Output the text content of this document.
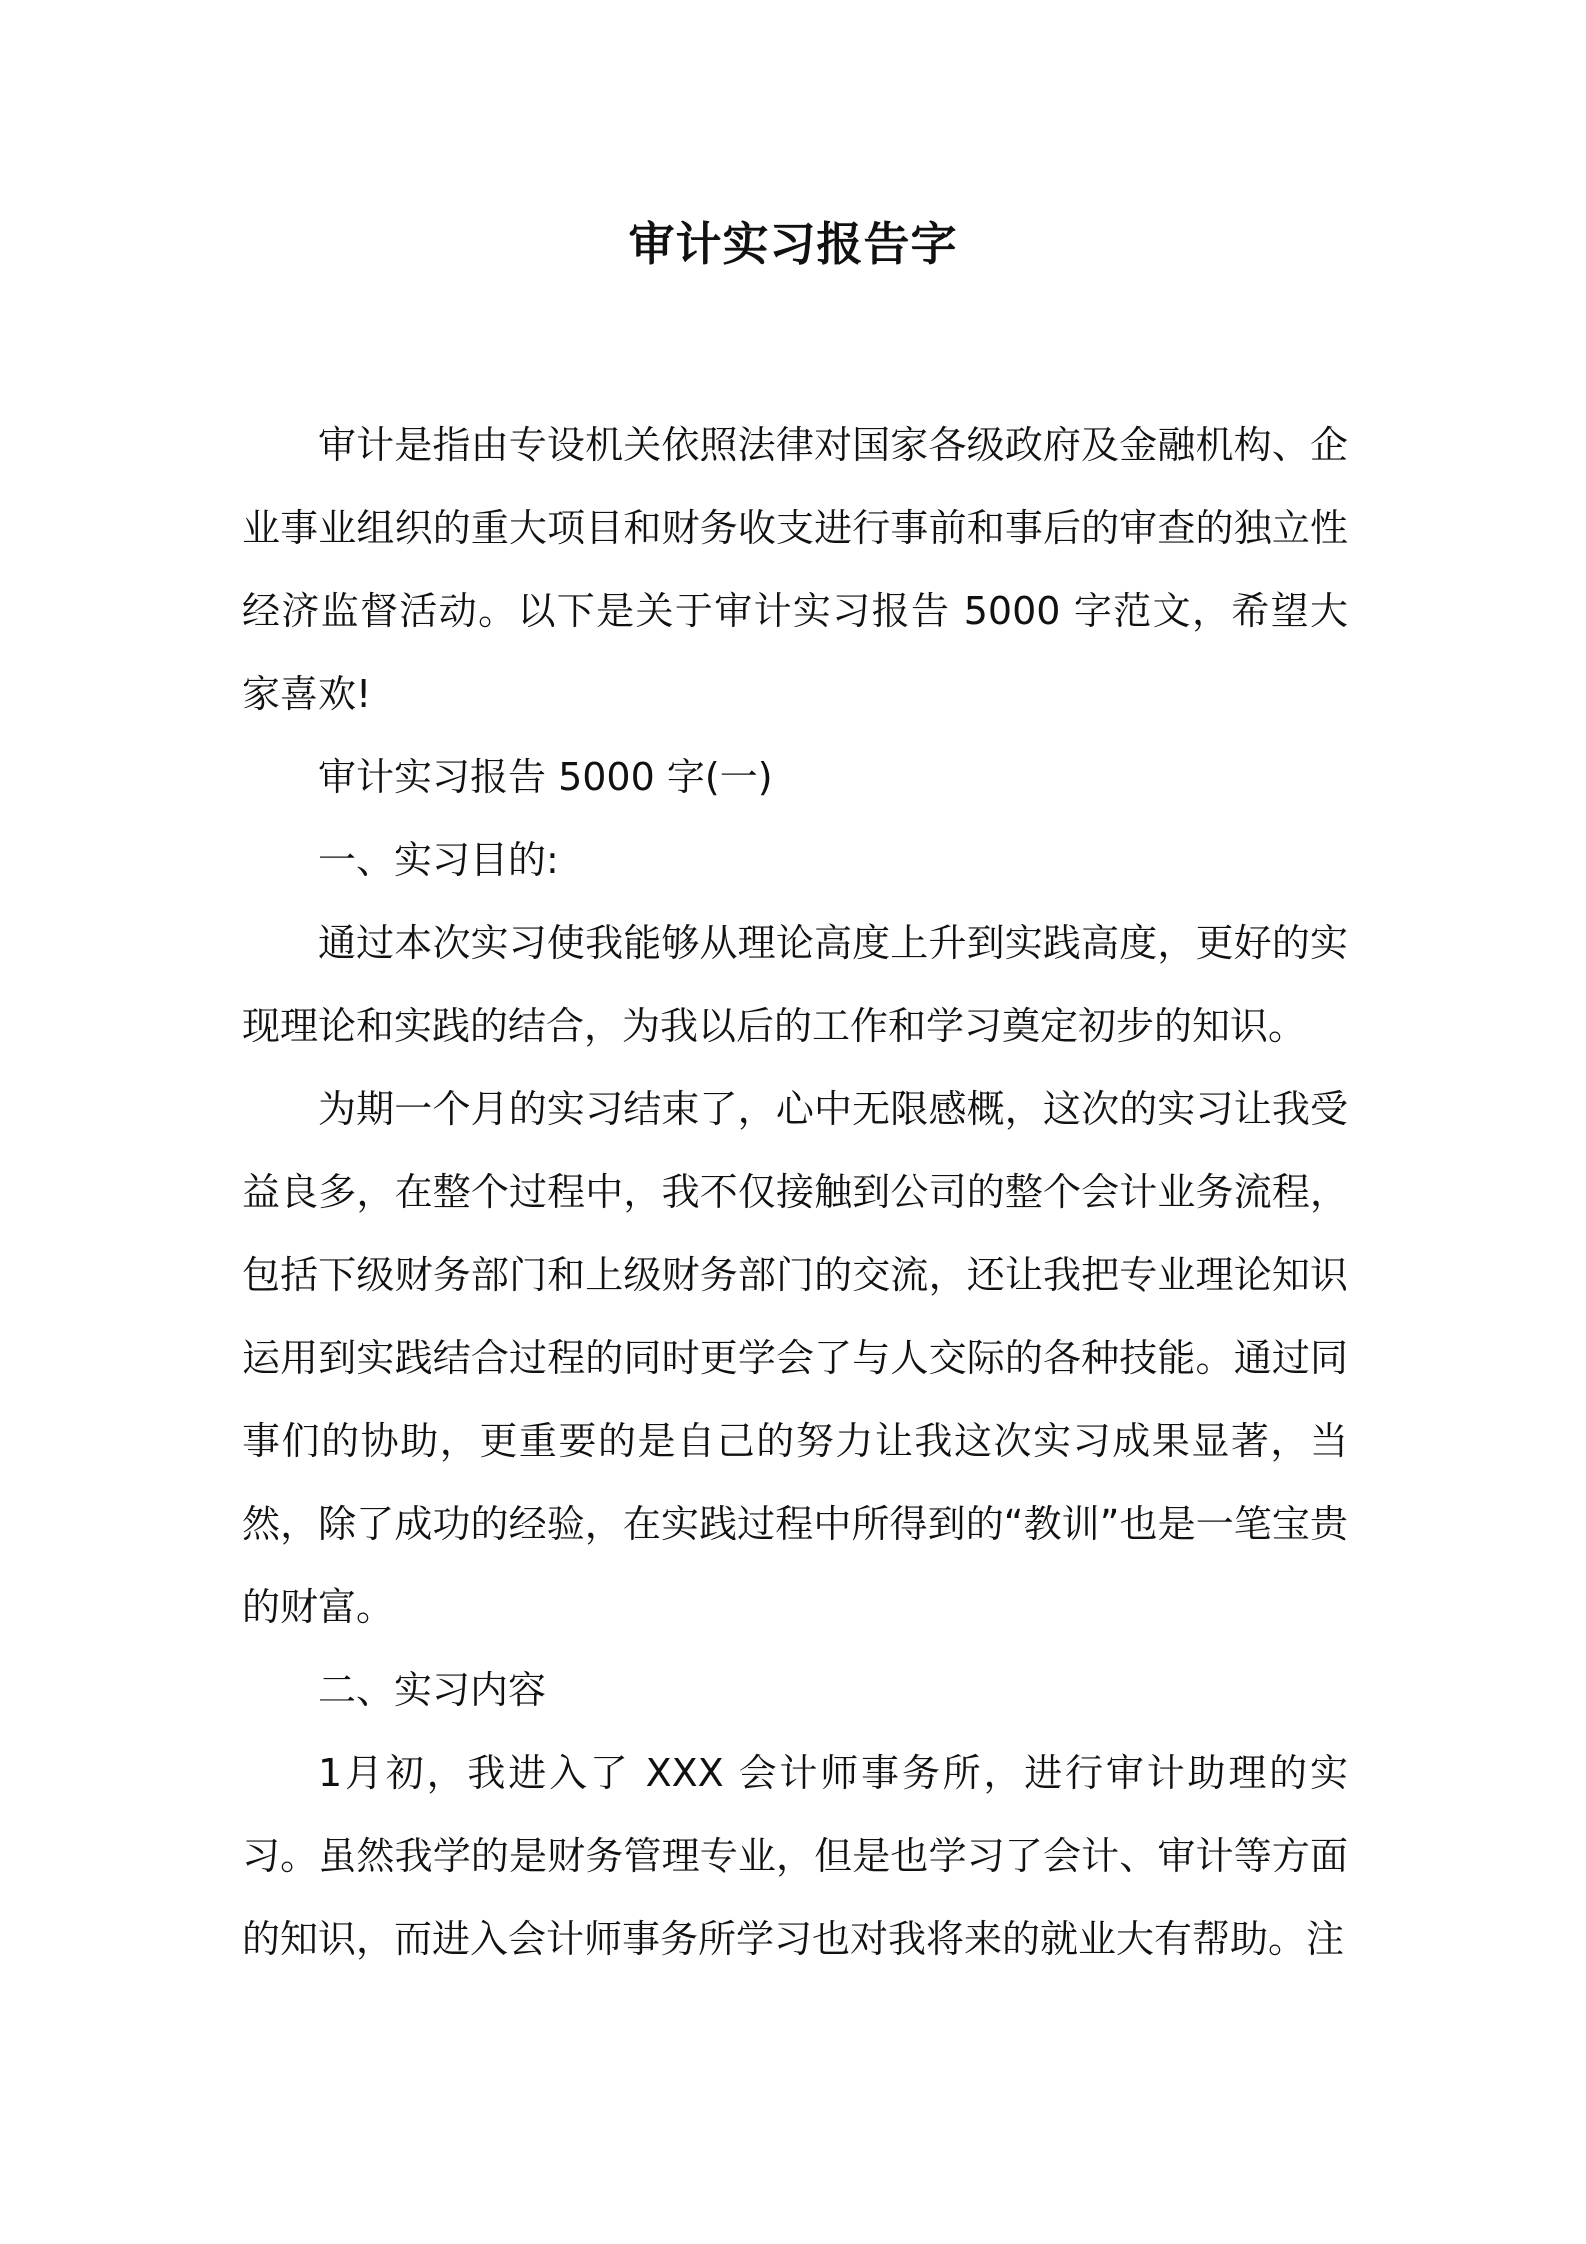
审计实习报告字

审计是指由专设机关依照法律对国家各级政府及金融机构、企业事业组织的重大项目和财务收支进行事前和事后的审查的独立性经济监督活动。以下是关于审计实习报告 5000 字范文，希望大家喜欢!

审计实习报告 5000 字(一)

一、实习目的:

通过本次实习使我能够从理论高度上升到实践高度，更好的实现理论和实践的结合，为我以后的工作和学习奠定初步的知识。

为期一个月的实习结束了，心中无限感概，这次的实习让我受益良多，在整个过程中，我不仅接触到公司的整个会计业务流程，包括下级财务部门和上级财务部门的交流，还让我把专业理论知识运用到实践结合过程的同时更学会了与人交际的各种技能。通过同事们的协助，更重要的是自己的努力让我这次实习成果显著，当然，除了成功的经验，在实践过程中所得到的“教训”也是一笔宝贵的财富。

二、实习内容

1月初，我进入了 XXX 会计师事务所，进行审计助理的实习。虽然我学的是财务管理专业，但是也学习了会计、审计等方面的知识，而进入会计师事务所学习也对我将来的就业大有帮助。注
